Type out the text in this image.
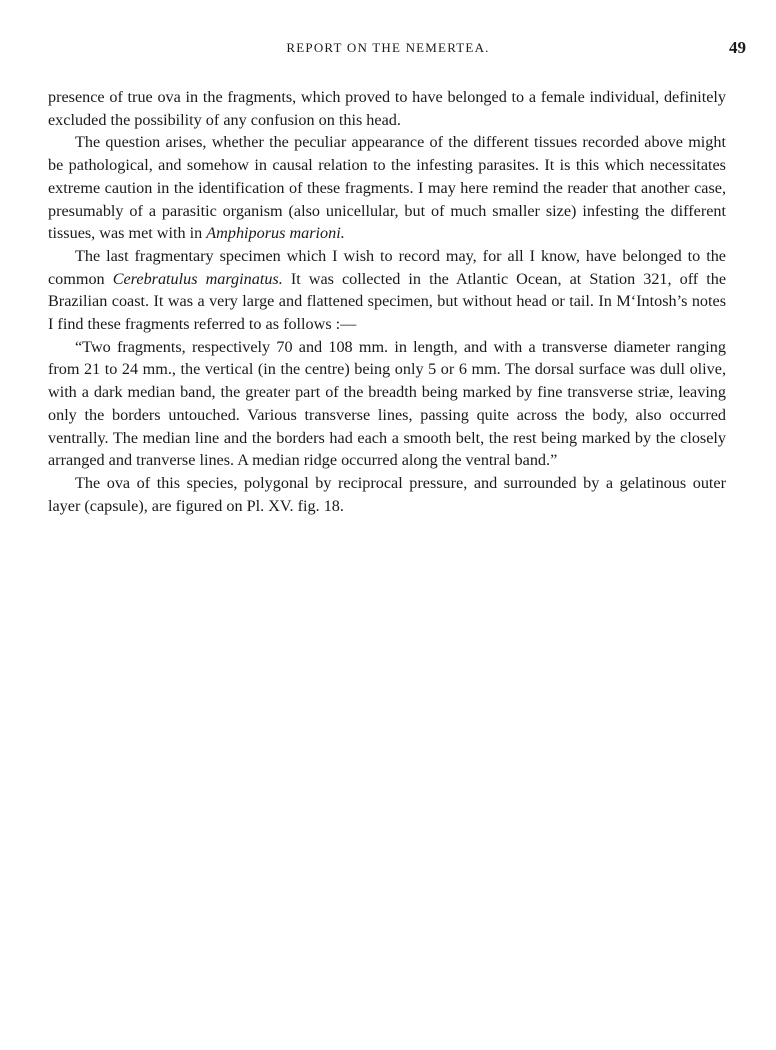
REPORT ON THE NEMERTEA.	49

presence of true ova in the fragments, which proved to have belonged to a female individual, definitely excluded the possibility of any confusion on this head.

The question arises, whether the peculiar appearance of the different tissues recorded above might be pathological, and somehow in causal relation to the infesting parasites. It is this which necessitates extreme caution in the identification of these fragments. I may here remind the reader that another case, presumably of a parasitic organism (also unicellular, but of much smaller size) infesting the different tissues, was met with in Amphiporus marioni.

The last fragmentary specimen which I wish to record may, for all I know, have belonged to the common Cerebratulus marginatus. It was collected in the Atlantic Ocean, at Station 321, off the Brazilian coast. It was a very large and flattened specimen, but without head or tail. In M‘Intosh’s notes I find these fragments referred to as follows :—

“Two fragments, respectively 70 and 108 mm. in length, and with a transverse diameter ranging from 21 to 24 mm., the vertical (in the centre) being only 5 or 6 mm. The dorsal surface was dull olive, with a dark median band, the greater part of the breadth being marked by fine transverse striæ, leaving only the borders untouched. Various transverse lines, passing quite across the body, also occurred ventrally. The median line and the borders had each a smooth belt, the rest being marked by the closely arranged and tranverse lines. A median ridge occurred along the ventral band.”

The ova of this species, polygonal by reciprocal pressure, and surrounded by a gelatinous outer layer (capsule), are figured on Pl. XV. fig. 18.
